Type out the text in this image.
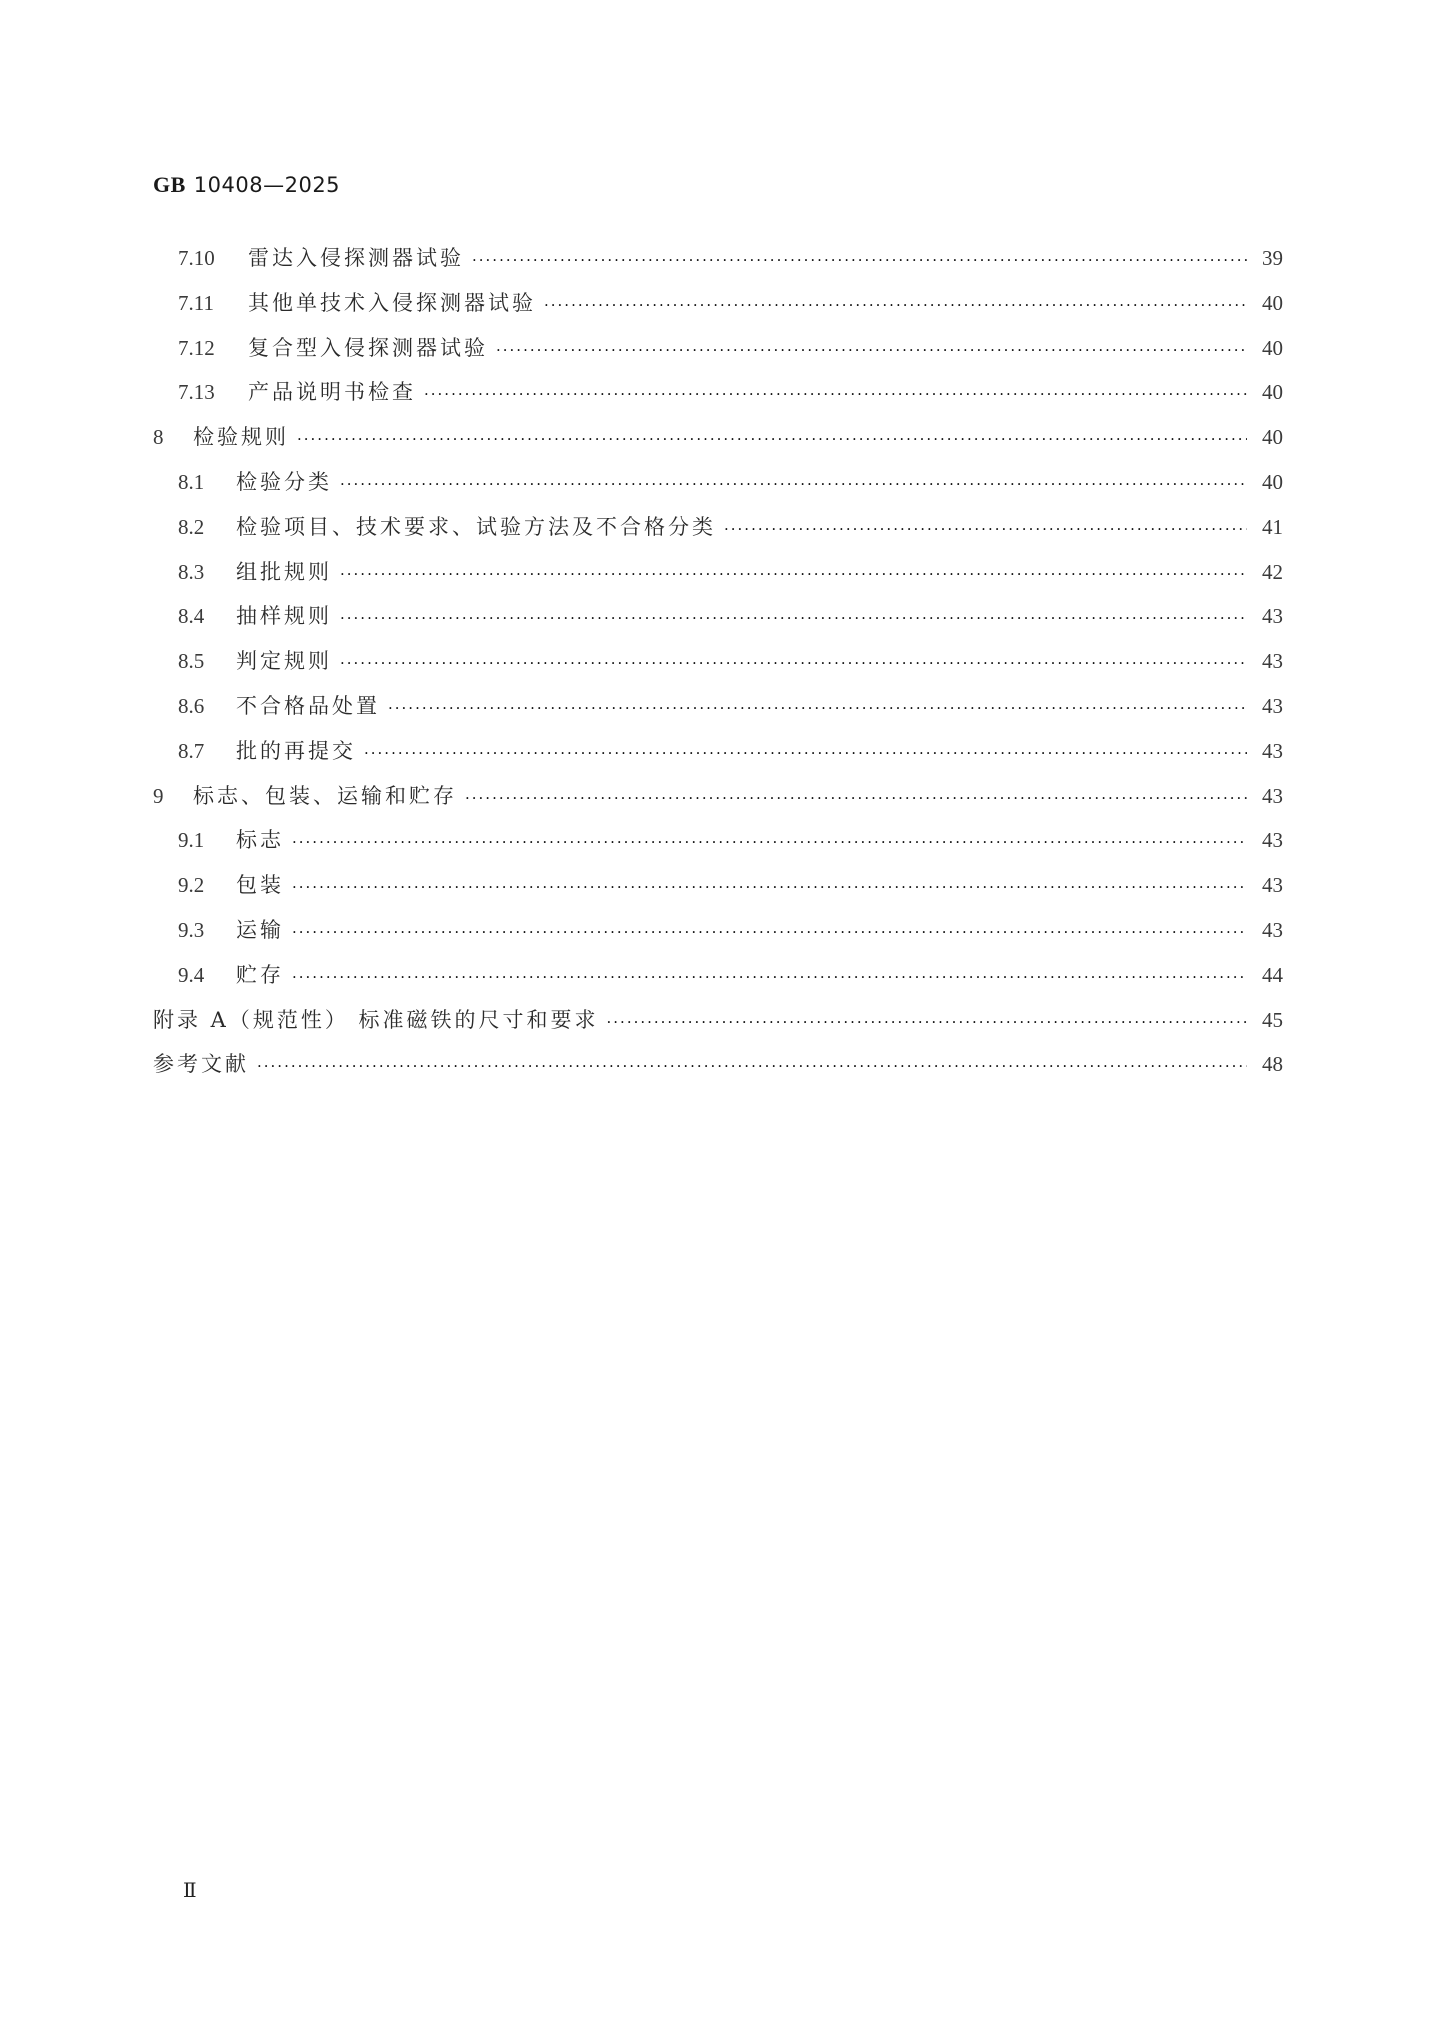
GB 10408—2025
7.10	雷达入侵探测器试验 ·····	39
7.11	其他单技术入侵探测器试验 ·····	40
7.12	复合型入侵探测器试验 ·····	40
7.13	产品说明书检查 ·····	40
8	检验规则 ·····	40
8.1	检验分类 ·····	40
8.2	检验项目、技术要求、试验方法及不合格分类 ·····	41
8.3	组批规则 ·····	42
8.4	抽样规则 ·····	43
8.5	判定规则 ·····	43
8.6	不合格品处置 ·····	43
8.7	批的再提交 ·····	43
9	标志、包装、运输和贮存 ·····	43
9.1	标志 ·····	43
9.2	包装 ·····	43
9.3	运输 ·····	43
9.4	贮存 ·····	44
附录 A（规范性） 标准磁铁的尺寸和要求 ·····	45
参考文献 ·····	48
Ⅱ
